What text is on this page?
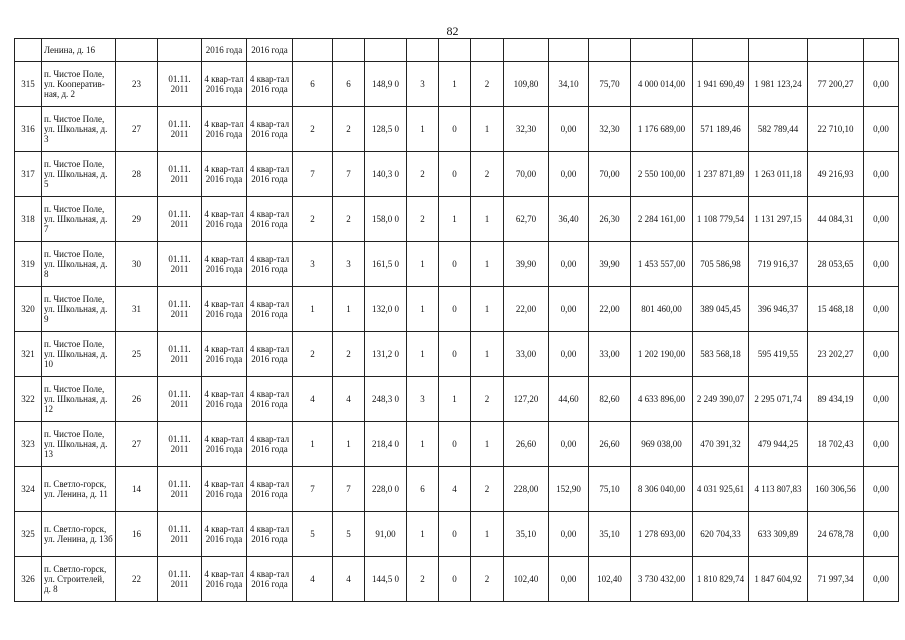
82
	Ленина, д. 16			2016 года	2016 года														
315	п. Чистое Поле, ул. Кооператив-ная, д. 2	23	01.11. 2011	4 квар-тал 2016 года	4 квар-тал 2016 года	6	6	148,9 0	3	1	2	109,80	34,10	75,70	4 000 014,00	1 941 690,49	1 981 123,24	77 200,27	0,00
316	п. Чистое Поле, ул. Школьная, д. 3	27	01.11. 2011	4 квар-тал 2016 года	4 квар-тал 2016 года	2	2	128,5 0	1	0	1	32,30	0,00	32,30	1 176 689,00	571 189,46	582 789,44	22 710,10	0,00
317	п. Чистое Поле, ул. Школьная, д. 5	28	01.11. 2011	4 квар-тал 2016 года	4 квар-тал 2016 года	7	7	140,3 0	2	0	2	70,00	0,00	70,00	2 550 100,00	1 237 871,89	1 263 011,18	49 216,93	0,00
318	п. Чистое Поле, ул. Школьная, д. 7	29	01.11. 2011	4 квар-тал 2016 года	4 квар-тал 2016 года	2	2	158,0 0	2	1	1	62,70	36,40	26,30	2 284 161,00	1 108 779,54	1 131 297,15	44 084,31	0,00
319	п. Чистое Поле, ул. Школьная, д. 8	30	01.11. 2011	4 квар-тал 2016 года	4 квар-тал 2016 года	3	3	161,5 0	1	0	1	39,90	0,00	39,90	1 453 557,00	705 586,98	719 916,37	28 053,65	0,00
320	п. Чистое Поле, ул. Школьная, д. 9	31	01.11. 2011	4 квар-тал 2016 года	4 квар-тал 2016 года	1	1	132,0 0	1	0	1	22,00	0,00	22,00	801 460,00	389 045,45	396 946,37	15 468,18	0,00
321	п. Чистое Поле, ул. Школьная, д. 10	25	01.11. 2011	4 квар-тал 2016 года	4 квар-тал 2016 года	2	2	131,2 0	1	0	1	33,00	0,00	33,00	1 202 190,00	583 568,18	595 419,55	23 202,27	0,00
322	п. Чистое Поле, ул. Школьная, д. 12	26	01.11. 2011	4 квар-тал 2016 года	4 квар-тал 2016 года	4	4	248,3 0	3	1	2	127,20	44,60	82,60	4 633 896,00	2 249 390,07	2 295 071,74	89 434,19	0,00
323	п. Чистое Поле, ул. Школьная, д. 13	27	01.11. 2011	4 квар-тал 2016 года	4 квар-тал 2016 года	1	1	218,4 0	1	0	1	26,60	0,00	26,60	969 038,00	470 391,32	479 944,25	18 702,43	0,00
324	п. Светло-горск, ул. Ленина, д. 11	14	01.11. 2011	4 квар-тал 2016 года	4 квар-тал 2016 года	7	7	228,0 0	6	4	2	228,00	152,90	75,10	8 306 040,00	4 031 925,61	4 113 807,83	160 306,56	0,00
325	п. Светло-горск, ул. Ленина, д. 13б	16	01.11. 2011	4 квар-тал 2016 года	4 квар-тал 2016 года	5	5	91,00	1	0	1	35,10	0,00	35,10	1 278 693,00	620 704,33	633 309,89	24 678,78	0,00
326	п. Светло-горск, ул. Строителей, д. 8	22	01.11. 2011	4 квар-тал 2016 года	4 квар-тал 2016 года	4	4	144,5 0	2	0	2	102,40	0,00	102,40	3 730 432,00	1 810 829,74	1 847 604,92	71 997,34	0,00
